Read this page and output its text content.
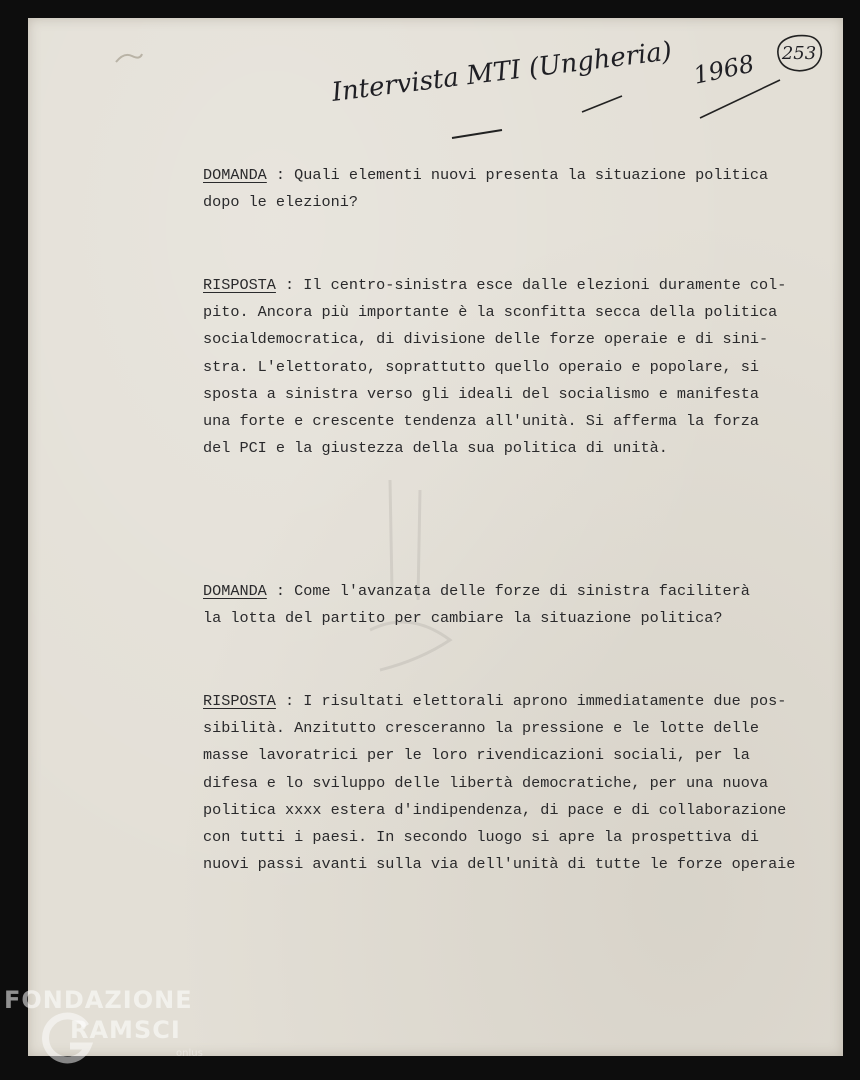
Intervista MTI (Ungheria) 1968	253
DOMANDA : Quali elementi nuovi presenta la situazione politica
dopo le elezioni?
RISPOSTA : Il centro-sinistra esce dalle elezioni duramente col-
pito. Ancora più importante è la sconfitta secca della politica
socialdemocratica, di divisione delle forze operaie e di sini-
stra. L'elettorato, soprattutto quello operaio e popolare, si
sposta a sinistra verso gli ideali del socialismo e manifesta
una forte e crescente tendenza all'unità. Si afferma la forza
del PCI e la giustezza della sua politica di unità.
DOMANDA : Come l'avanzata delle forze di sinistra faciliterà
la lotta del partito per cambiare la situazione politica?
RISPOSTA : I risultati elettorali aprono immediatamente due pos-
sibilità. Anzitutto cresceranno la pressione e le lotte delle
masse lavoratrici per le loro rivendicazioni sociali, per la
difesa e lo sviluppo delle libertà democratiche, per una nuova
politica xxxx estera d'indipendenza, di pace e di collaborazione
con tutti i paesi. In secondo luogo si apre la prospettiva di
nuovi passi avanti sulla via dell'unità di tutte le forze operaie
FONDAZIONE
RAMSCI
onlus
